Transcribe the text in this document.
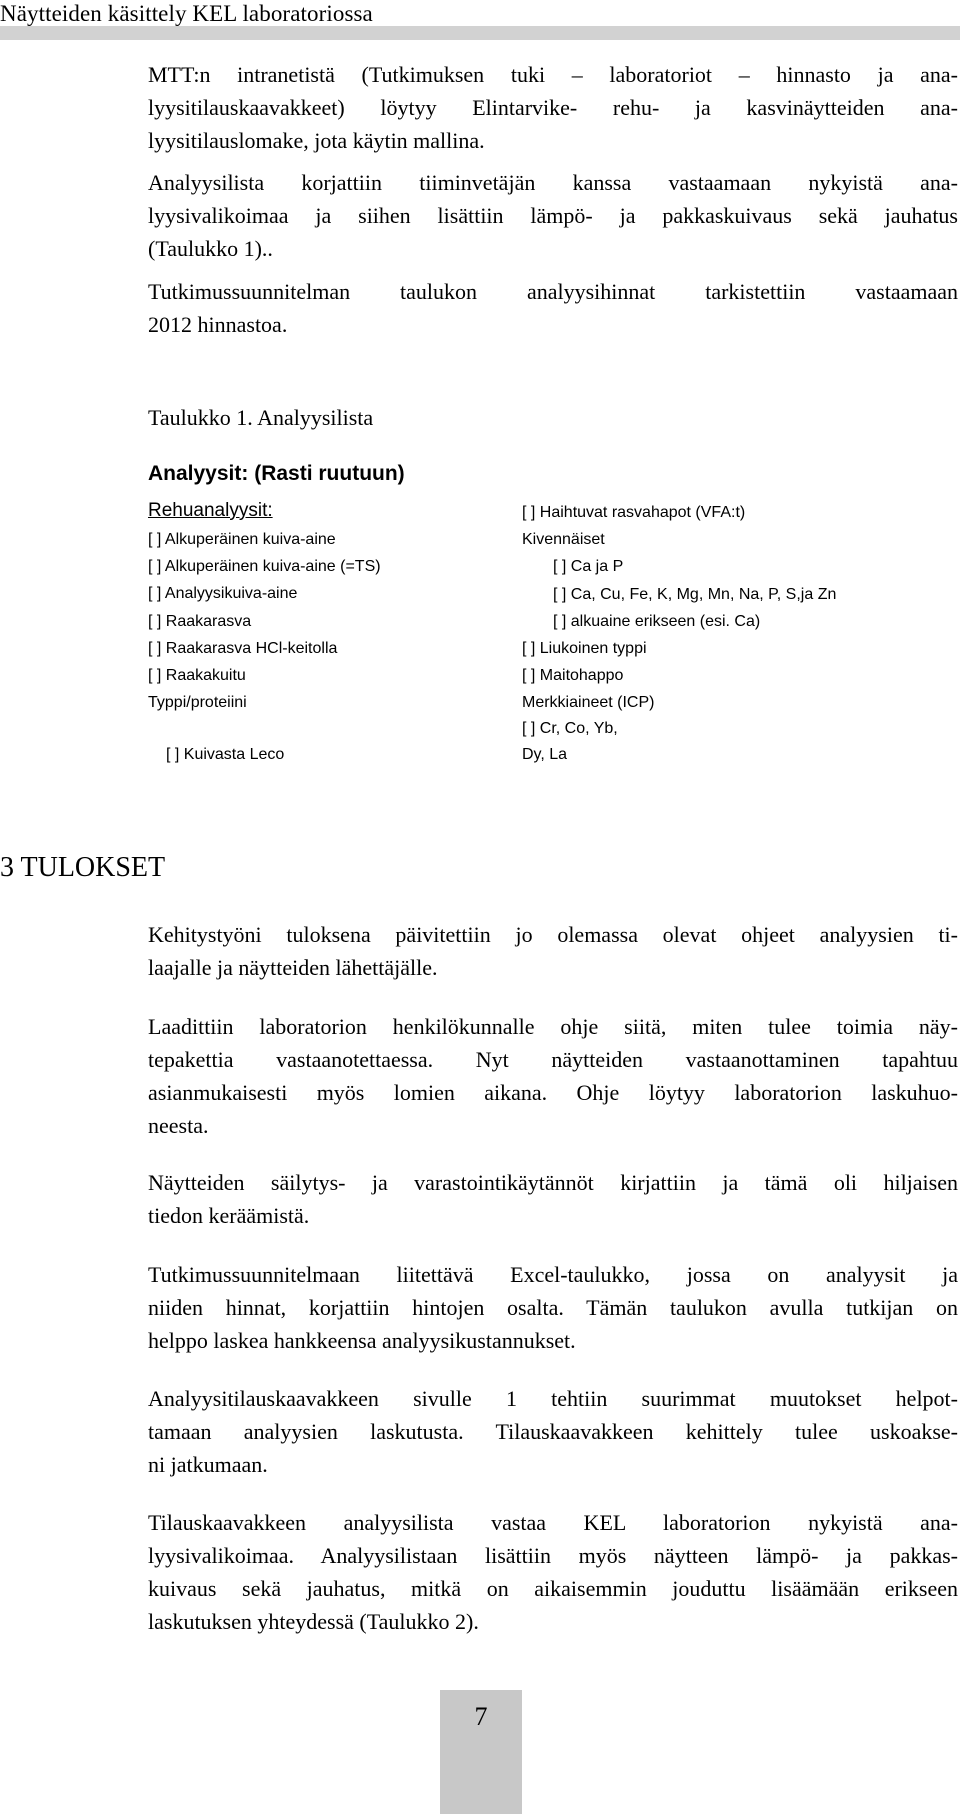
Näytteiden käsittely KEL laboratoriossa
MTT:n intranetistä (Tutkimuksen tuki – laboratoriot – hinnasto ja ana-
lyysitilauskaavakkeet) löytyy Elintarvike- rehu- ja kasvinäytteiden ana-
lyysitilauslomake, jota käytin mallina.
Analyysilista korjattiin tiiminvetäjän kanssa vastaamaan nykyistä ana-
lyysivalikoimaa ja siihen lisättiin lämpö- ja pakkaskuivaus sekä jauhatus
(Taulukko 1)..
Tutkimussuunnitelman taulukon analyysihinnat tarkistettiin vastaamaan
2012 hinnastoa.
Taulukko 1. Analyysilista
Analyysit: (Rasti ruutuun)
Rehuanalyysit:
[ ] Alkuperäinen kuiva-aine
[ ] Alkuperäinen kuiva-aine (=TS)
[ ] Analyysikuiva-aine
[ ] Raakarasva
[ ] Raakarasva HCl-keitolla
[ ] Raakakuitu
Typpi/proteiini
[ ] Kuivasta Leco
[ ] Haihtuvat rasvahapot (VFA:t)
Kivennäiset
[ ] Ca ja P
[ ] Ca, Cu, Fe, K, Mg, Mn, Na, P, S,ja Zn
[ ] alkuaine erikseen (esi. Ca)
[ ] Liukoinen typpi
[ ] Maitohappo
Merkkiaineet (ICP)
[ ] Cr, Co, Yb,
Dy, La
3 TULOKSET
Kehitystyöni tuloksena päivitettiin jo olemassa olevat ohjeet analyysien ti-
laajalle ja näytteiden lähettäjälle.
Laadittiin laboratorion henkilökunnalle ohje siitä, miten tulee toimia näy-
tepakettia vastaanotettaessa. Nyt näytteiden vastaanottaminen tapahtuu
asianmukaisesti myös lomien aikana. Ohje löytyy laboratorion laskuhuo-
neesta.
Näytteiden säilytys- ja varastointikäytännöt kirjattiin ja tämä oli hiljaisen
tiedon keräämistä.
Tutkimussuunnitelmaan liitettävä Excel-taulukko, jossa on analyysit ja
niiden hinnat, korjattiin hintojen osalta. Tämän taulukon avulla tutkijan on
helppo laskea hankkeensa analyysikustannukset.
Analyysitilauskaavakkeen sivulle 1 tehtiin suurimmat muutokset helpot-
tamaan analyysien laskutusta. Tilauskaavakkeen kehittely tulee uskoakse-
ni jatkumaan.
Tilauskaavakkeen analyysilista vastaa KEL laboratorion nykyistä ana-
lyysivalikoimaa. Analyysilistaan lisättiin myös näytteen lämpö- ja pakkas-
kuivaus sekä jauhatus, mitkä on aikaisemmin jouduttu lisäämään erikseen
laskutuksen yhteydessä (Taulukko 2).
7
